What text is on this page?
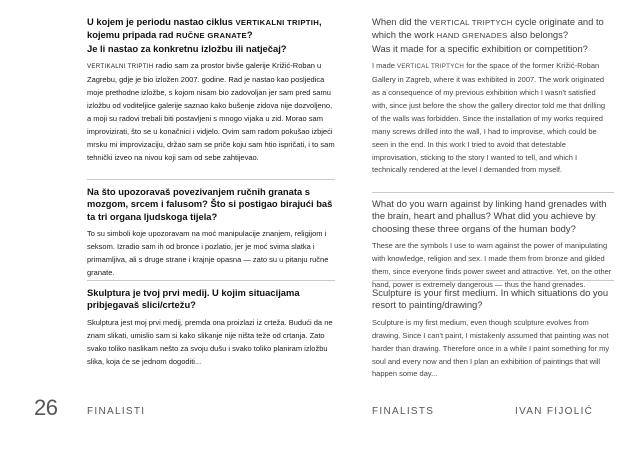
U kojem je periodu nastao ciklus VERTIKALNI TRIPTIH,
kojemu pripada rad RUČNE GRANATE?
Je li nastao za konkretnu izložbu ili natječaj?

VERTIKALNI TRIPTIH radio sam za prostor bivše galerije Križić-Roban u Zagrebu, gdje je bio izložen 2007. godine. Rad je nastao kao posljedica moje prethodne izložbe, s kojom nisam bio zadovoljan jer sam pred samu izložbu od voditeljice galerije saznao kako bušenje zidova nije dozvoljeno, a moji su radovi trebali biti postavljeni s mnogo vijaka u zid. Morao sam improvizirati, što se u konačnici i vidjelo. Ovim sam radom pokušao izbjeći mrsku mi improvizaciju, držao sam se priče koju sam htio ispričati, i to sam tehnički izveo na nivou koji sam od sebe zahtijevao.

Na što upozoravaš povezivanjem ručnih granata s mozgom, srcem i falusom? Što si postigao birajući baš ta tri organa ljudskoga tijela?

To su simboli koje upozoravam na moć manipulacije znanjem, religijom i seksom. Izradio sam ih od bronce i pozlatio, jer je moć svima slatka i primamljiva, ali s druge strane i krajnje opasna — zato su u pitanju ručne granate.

Skulptura je tvoj prvi medij. U kojim situacijama pribjegavaš slici/crtežu?

Skulptura jest moj prvi medij, premda ona proizlazi iz crteža. Budući da ne znam slikati, umislio sam si kako slikanje nije ništa teže od crtanja. Zato svako toliko naslikam nešto za svoju dušu i svako toliko planiram izložbu slika, koja će se jednom dogoditi...

When did the VERTICAL TRIPTYCH cycle originate and to
which the work HAND GRENADES also belongs?
Was it made for a specific exhibition or competition?

I made VERTICAL TRIPTYCH for the space of the former Križić-Roban Gallery in Zagreb, where it was exhibited in 2007. The work originated as a consequence of my previous exhibition which I wasn't satisfied with, since just before the show the gallery director told me that drilling of the walls was forbidden. Since the installation of my works required many screws drilled into the wall, I had to improvise, which could be seen in the end. In this work I tried to avoid that detestable improvisation, sticking to the story I wanted to tell, and which I technically rendered at the level I demanded from myself.

What do you warn against by linking hand grenades with the brain, heart and phallus? What did you achieve by choosing these three organs of the human body?

These are the symbols I use to warn against the power of manipulating with knowledge, religion and sex. I made them from bronze and gilded them, since everyone finds power sweet and attractive. Yet, on the other hand, power is extremely dangerous — thus the hand grenades.

Sculpture is your first medium. In which situations do you resort to painting/drawing?

Sculpture is my first medium, even though sculpture evolves from drawing. Since I can't paint, I mistakenly assumed that painting was not harder than drawing. Therefore once in a while I paint something for my soul and every now and then I plan an exhibition of paintings that will happen some day...

26	FINALISTI	FINALISTS	IVAN FIJOLIĆ
